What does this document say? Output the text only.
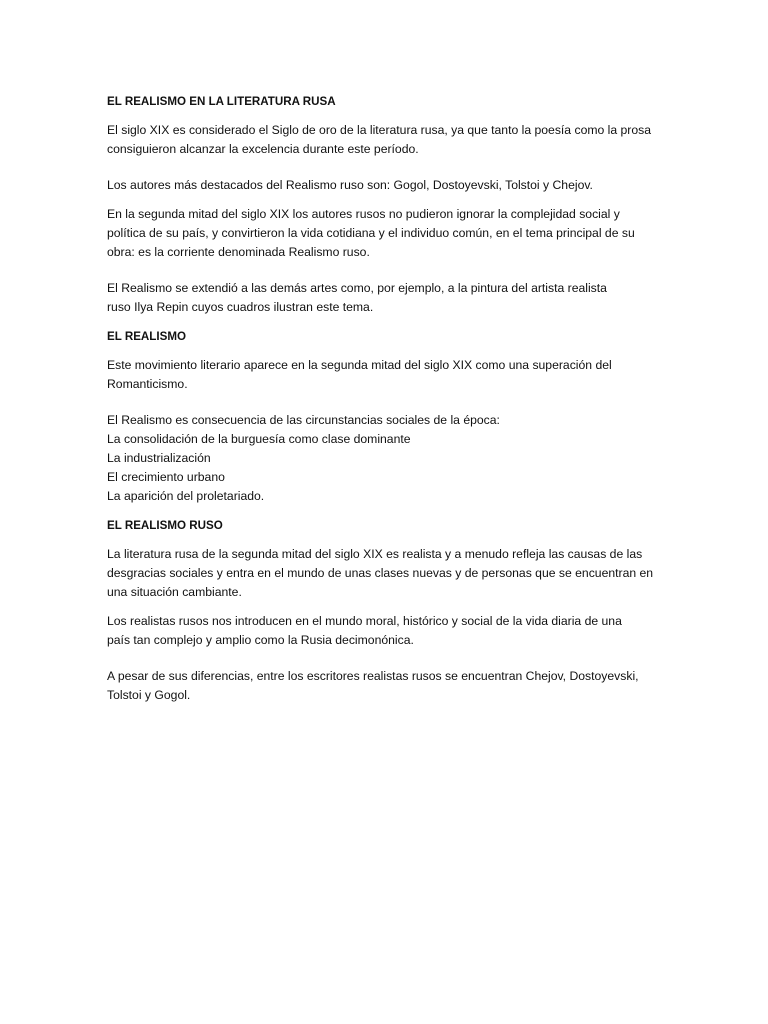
EL REALISMO EN LA LITERATURA RUSA
El siglo XIX es considerado el Siglo de oro de la literatura rusa, ya que tanto la poesía como la prosa
consiguieron alcanzar la excelencia durante este período.
Los autores más destacados del Realismo ruso son: Gogol, Dostoyevski, Tolstoi y Chejov.
En la segunda mitad del siglo XIX los autores rusos no pudieron ignorar la complejidad social y
política de su país, y convirtieron la vida cotidiana y el individuo común, en el tema principal de su
obra: es la corriente denominada Realismo ruso.
El Realismo se extendió a las demás artes como, por ejemplo, a la pintura del artista realista
ruso Ilya Repin cuyos cuadros ilustran este tema.
EL REALISMO
Este movimiento literario aparece en la segunda mitad del siglo XIX como una superación del
Romanticismo.
El Realismo es consecuencia de las circunstancias sociales de la época:
La consolidación de la burguesía como clase dominante
La industrialización
El crecimiento urbano
La aparición del proletariado.
EL REALISMO RUSO
La literatura rusa de la segunda mitad del siglo XIX es realista y a menudo refleja las causas de las
desgracias sociales y entra en el mundo de unas clases nuevas y de personas que se encuentran en
una situación cambiante.
Los realistas rusos nos introducen en el mundo moral, histórico y social de la vida diaria de una
país tan complejo y amplio como la Rusia decimonónica.
A pesar de sus diferencias, entre los escritores realistas rusos se encuentran Chejov, Dostoyevski,
Tolstoi y Gogol.
